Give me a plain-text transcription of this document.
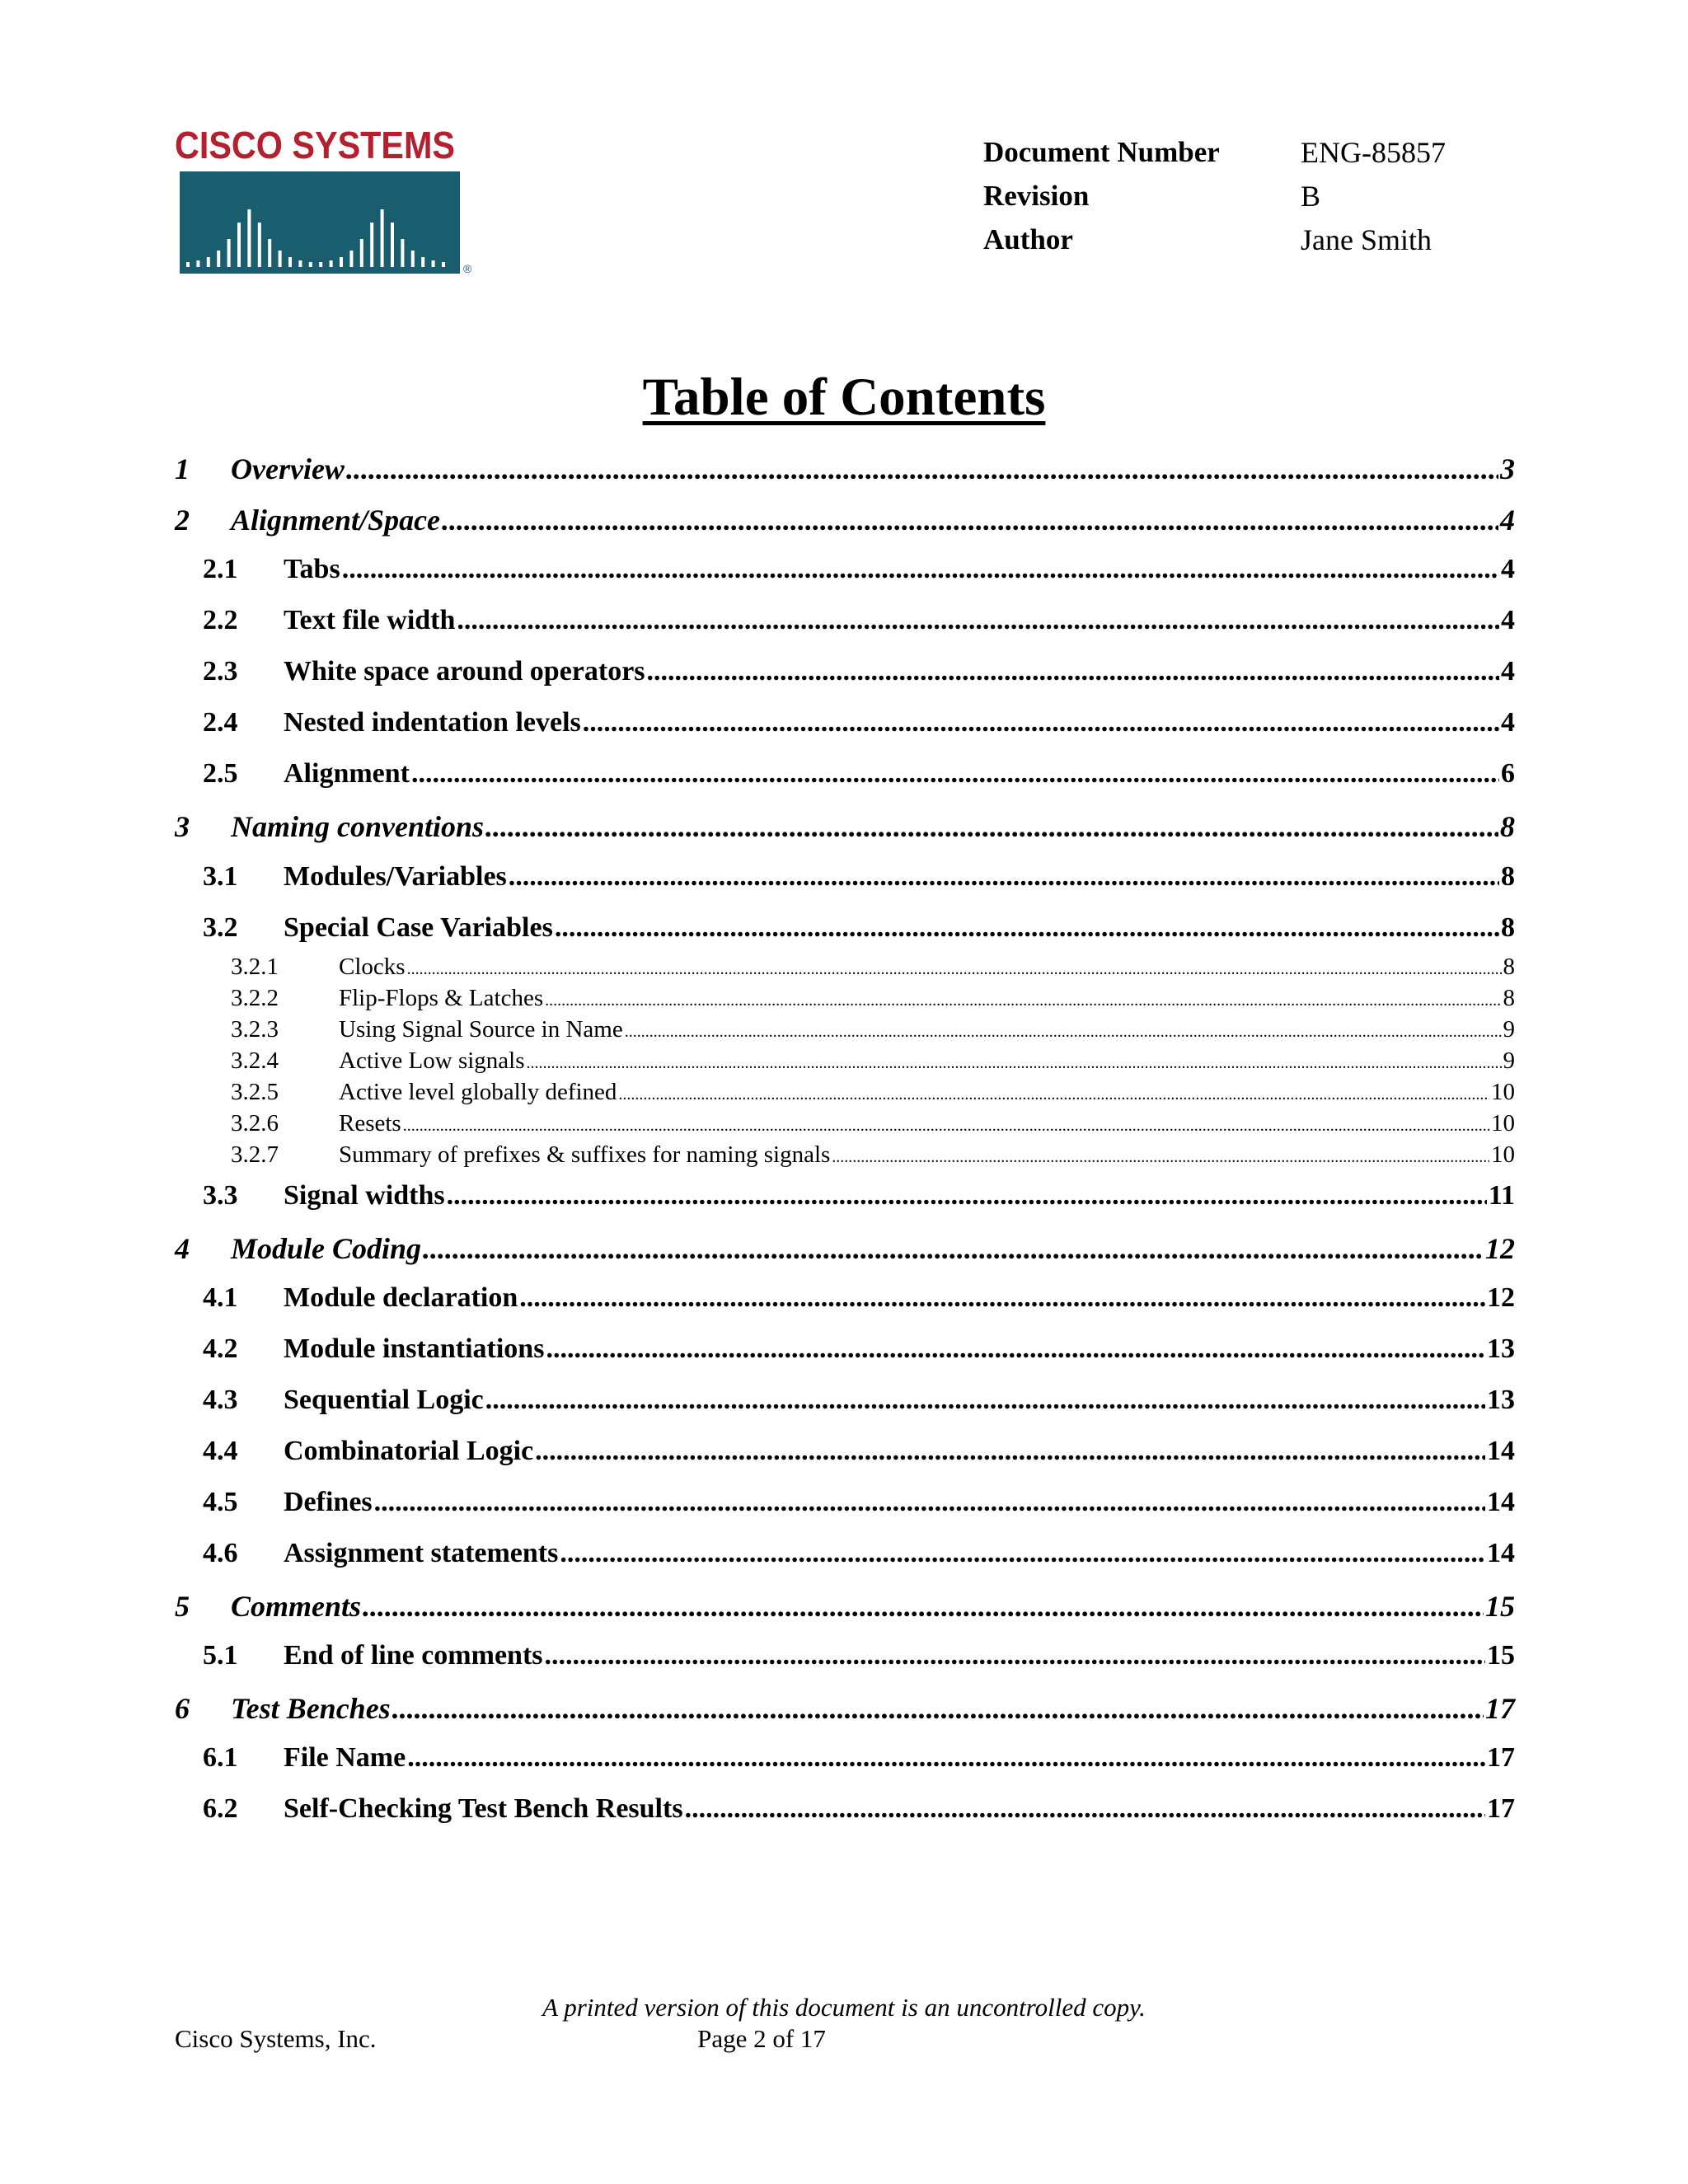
CISCO SYSTEMS
®
Document Number	ENG-85857
Revision	B
Author	Jane Smith
Table of Contents
1	Overview .....	3
2	Alignment/Space .....	4
2.1	Tabs .....	4
2.2	Text file width .....	4
2.3	White space around operators .....	4
2.4	Nested indentation levels .....	4
2.5	Alignment .....	6
3	Naming conventions .....	8
3.1	Modules/Variables .....	8
3.2	Special Case Variables .....	8
3.2.1	Clocks .....	8
3.2.2	Flip-Flops & Latches .....	8
3.2.3	Using Signal Source in Name .....	9
3.2.4	Active Low signals .....	9
3.2.5	Active level globally defined .....	10
3.2.6	Resets .....	10
3.2.7	Summary of prefixes & suffixes for naming signals .....	10
3.3	Signal widths .....	11
4	Module Coding .....	12
4.1	Module declaration .....	12
4.2	Module instantiations .....	13
4.3	Sequential Logic .....	13
4.4	Combinatorial Logic .....	14
4.5	Defines .....	14
4.6	Assignment statements .....	14
5	Comments .....	15
5.1	End of line comments .....	15
6	Test Benches .....	17
6.1	File Name .....	17
6.2	Self-Checking Test Bench Results .....	17
A printed version of this document is an uncontrolled copy.
Cisco Systems, Inc.	Page 2 of 17
